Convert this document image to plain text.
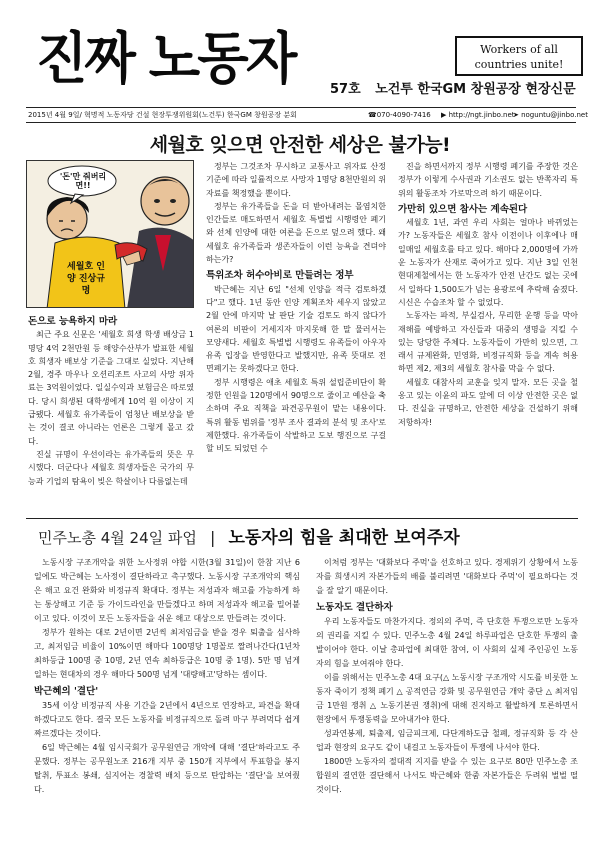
진짜 노동자	Workers of all countries unite!
57호 노건투 한국GM 창원공장 현장신문
2015년 4월 9일/ 혁명적 노동자당 건설 현장투쟁위원회(노건투) 한국GM 창원공장 분회	☎070-4090-7416 ▶ http://ngt.jinbo.net
➤ noguntu@jinbo.net
세월호 잊으면 안전한 세상은 불가능!
'돈'만 줘버리면!!
세월호 인양 진상규명

돈으로 능욕하지 마라

최근 주요 신문은 '세월호 희생 학생 배상금 1명당 4억 2천만원 등 해양수산부가 발표한 세월호 희생자 배보상 기준을 그대로 실었다. 지난해 2월, 경주 마우나 오션리조트 사고의 사망 위자료는 3억원이었다. 일실수익과 보험금은 따로였다. 당시 희생된 대학생에게 10억 원 이상이 지급됐다. 세월호 유가족들이 엄청난 배보상을 받는 것이 결코 아니라는 언론은 그렇게 몰고 갔다.

진실 규명이 우선이라는 유가족들의 뜻은 무시했다. 더군다나 세월호 희생자들은 국가의 무능과 기업의 탐욕이 빚은 학살이나 다름없는데

정부는 그것조차 무시하고 교통사고 위자료 산정 기준에 따라 일률적으로 사망자 1명당 8천만원의 위자료를 책정했을 뿐이다.

정부는 유가족들을 돈을 더 받아내려는 몰염치한 인간들로 매도하면서 세월호 특별법 시행령안 폐기와 선체 인양에 대한 여론을 돈으로 덮으려 했다. 왜 세월호 유가족들과 생존자들이 이런 능욕을 견뎌야 하는가?

특위조차 허수아비로 만들려는 정부

박근혜는 지난 6일 "선체 인양을 적극 검토하겠다"고 했다. 1년 동안 인양 계획조차 세우지 않았고 2월 안에 마지막 날 판단 기술 검토도 하지 않다가 여론의 비판이 거세지자 마지못해 한 말 물러서는 모양새다. 세월호 특별법 시행령도 유족들이 아우자 유족 입장을 반영한다고 발했지만, 유족 뜻대로 전면폐기는 못하겠다고 한다.

정부 시행령은 애초 세월호 특위 설립준비단이 확정한 인원을 120명에서 90명으로 줄이고 예산을 축소하며 주요 직책을 파견공무원이 맡는 내용이다. 특위 활동 범위를 '정부 조사 결과의 분석 및 조사'로 제한했다. 유가족들이 삭발하고 도보 행진으로 구걸할 비도 되었던 수

진을 하면서까지 정부 시행령 폐기를 주장한 것은 정부가 이렇게 수사권과 기소권도 없는 반쪽자리 특위의 활동조차 가로막으려 하기 때문이다.

가만히 있으면 참사는 계속된다

세월호 1년, 과연 우리 사회는 얼마나 바뀌었는가? 노동자들은 세월호 참사 이전이나 이후에나 매일매일 세월호를 타고 있다. 해마다 2,000명에 가까운 노동자가 산재로 죽어가고 있다. 지난 3일 인천 현대제철에서는 한 노동자가 안전 난간도 없는 곳에서 일하다 1,500도가 넘는 용광로에 추락해 숨졌다. 시신은 수습조차 할 수 없었다.

노동자는 파적, 부실검사, 무리한 운행 등을 막아 재해를 예방하고 자신들과 대중의 생명을 지킬 수 있는 당당한 주체다. 노동자들이 가만히 있으면, 그래서 규제완화, 민영화, 비정규직화 등을 계속 허용하면 제2, 제3의 세월호 참사를 막을 수 없다.

세월호 대참사의 교훈을 잊지 말자. 모든 곳을 철옹고 있는 이윤의 파도 앞에 더 이상 안전한 곳은 없다. 진실을 규명하고, 안전한 세상을 건설하기 위해 저항하자!

민주노총 4월 24일 파업 | 노동자의 힘을 최대한 보여주자

노동시장 구조개악을 위한 노사정위 야합 시한(3월 31일)이 한참 지난 6일에도 박근혜는 노사정이 결단하라고 촉구했다. 노동시장 구조개악의 핵심은 해고 요건 완화와 비정규직 확대다. 정부는 저성과자 해고를 가능하게 하는 통상해고 기준 등 가이드라인을 만들겠다고 하며 저성과자 해고를 밀어붙이고 있다. 이것이 모든 노동자들을 쉬운 해고 대상으로 만들려는 것이다.

정부가 원하는 대로 2년이면 2년씩 최저임금을 받을 경우 퇴출을 심사하고, 최저임금 비율이 10%이면 해마다 100명당 1명꼴로 짤려나간다(1년차 최하등급 100명 중 10명, 2년 연속 최하등급은 10명 중 1명). 5만 명 넘게 일하는 현대차의 경우 해마다 500명 넘게 '대량해고'당하는 셈이다.

박근혜의 '결단'

35세 이상 비정규직 사용 기간을 2년에서 4년으로 연장하고, 파견을 확대하겠다고도 한다. 결국 모든 노동자를 비정규직으로 돌려 마구 부려먹다 쉽게 짜르겠다는 것이다.

6일 박근혜는 4월 임시국회가 공무원연금 개악에 대해 '결단'하라고도 주문했다. 정부는 공무원노조 216개 지부 중 150개 지부에서 투표함을 봉지 탈취, 투표소 봉쇄, 심지어는 경찰력 배치 등으로 탄압하는 '결단'을 보여줬다.

이처럼 정부는 '대화보다 주먹'을 선호하고 있다. 경제위기 상황에서 노동자를 희생시켜 자본가들의 배를 불리려면 '대화보다 주먹'이 필요하다는 것을 잘 알기 때문이다.

노동자도 결단하자

우리 노동자들도 마찬가지다. 정의의 주먹, 즉 단호한 투쟁으로만 노동자의 권리를 지킬 수 있다. 민주노총 4월 24일 하루파업은 단호한 투쟁의 출발이어야 한다. 이날 총파업에 최대한 참여, 이 사회의 실제 주인공인 노동자의 힘을 보여줘야 한다.

이를 위해서는 민주노총 4대 요구(△ 노동시장 구조개악 시도를 비롯한 노동자 죽이기 정책 폐기 △ 공적연금 강화 및 공무원연금 개악 중단 △ 최저임금 1만원 쟁취 △ 노동기본권 쟁취)에 대해 진지하고 활발하게 토론하면서 현장에서 투쟁동력을 모아내가야 한다.

성과연봉제, 퇴출제, 임금피크제, 다단계하도급 철폐, 정규직화 등 각 산업과 현장의 요구도 같이 내걸고 노동자들이 투쟁에 나서야 한다.

1800만 노동자의 절대적 지지를 받을 수 있는 요구로 80만 민주노총 조합원의 결연한 결단해서 나서도 박근혜와 한줌 자본가들은 두려워 벌벌 떨 것이다.
